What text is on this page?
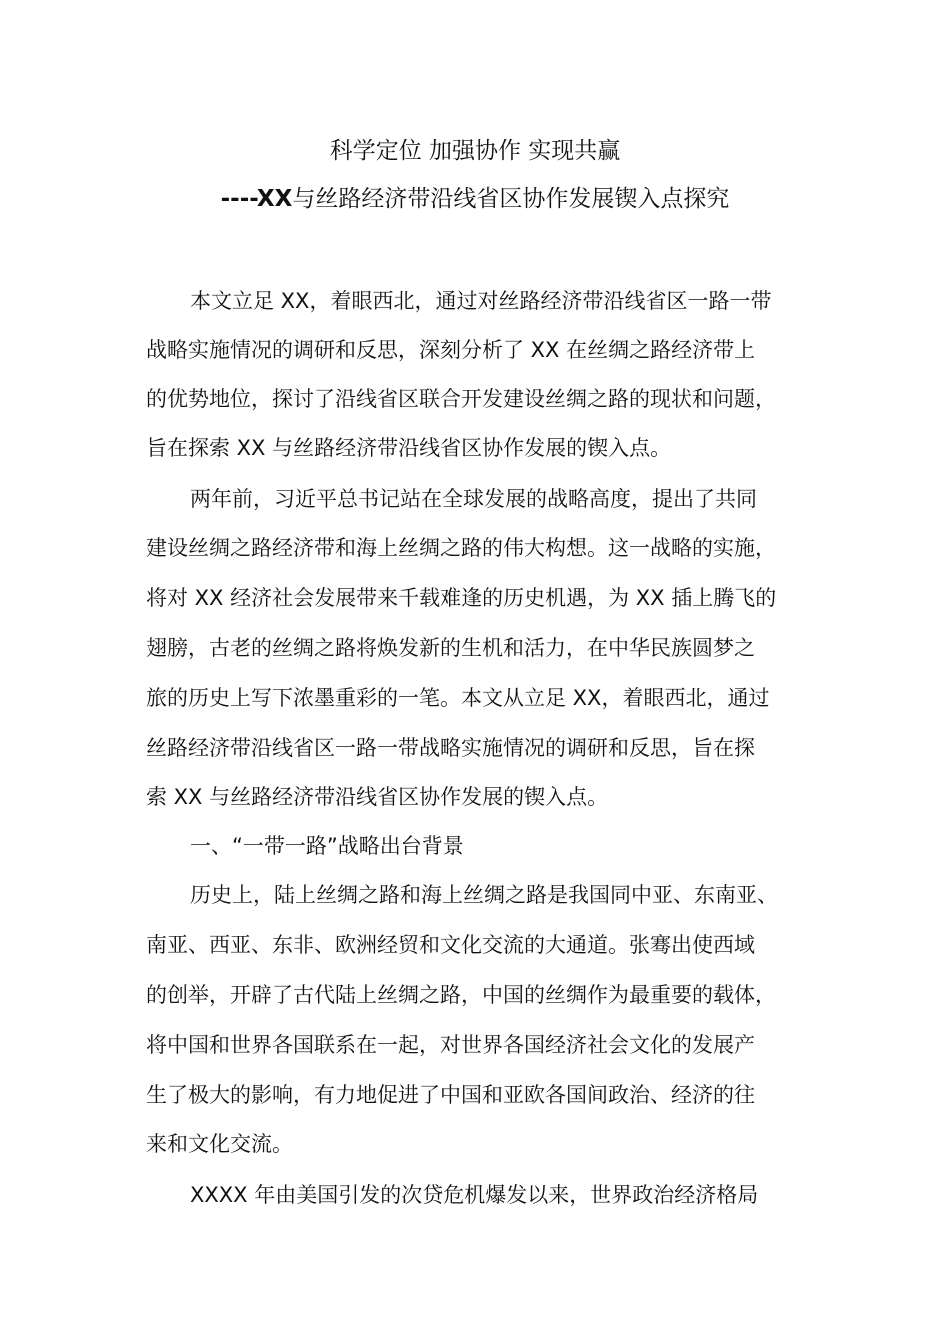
科学定位 加强协作 实现共赢
----XX与丝路经济带沿线省区协作发展锲入点探究
本文立足 XX，着眼西北，通过对丝路经济带沿线省区一路一带
战略实施情况的调研和反思，深刻分析了 XX 在丝绸之路经济带上
的优势地位，探讨了沿线省区联合开发建设丝绸之路的现状和问题，
旨在探索 XX 与丝路经济带沿线省区协作发展的锲入点。
两年前，习近平总书记站在全球发展的战略高度，提出了共同
建设丝绸之路经济带和海上丝绸之路的伟大构想。这一战略的实施，
将对 XX 经济社会发展带来千载难逢的历史机遇，为 XX 插上腾飞的
翅膀，古老的丝绸之路将焕发新的生机和活力，在中华民族圆梦之
旅的历史上写下浓墨重彩的一笔。本文从立足 XX，着眼西北，通过
丝路经济带沿线省区一路一带战略实施情况的调研和反思，旨在探
索 XX 与丝路经济带沿线省区协作发展的锲入点。
一、“一带一路”战略出台背景
历史上，陆上丝绸之路和海上丝绸之路是我国同中亚、东南亚、
南亚、西亚、东非、欧洲经贸和文化交流的大通道。张骞出使西域
的创举，开辟了古代陆上丝绸之路，中国的丝绸作为最重要的载体，
将中国和世界各国联系在一起，对世界各国经济社会文化的发展产
生了极大的影响，有力地促进了中国和亚欧各国间政治、经济的往
来和文化交流。
XXXX 年由美国引发的次贷危机爆发以来，世界政治经济格局
